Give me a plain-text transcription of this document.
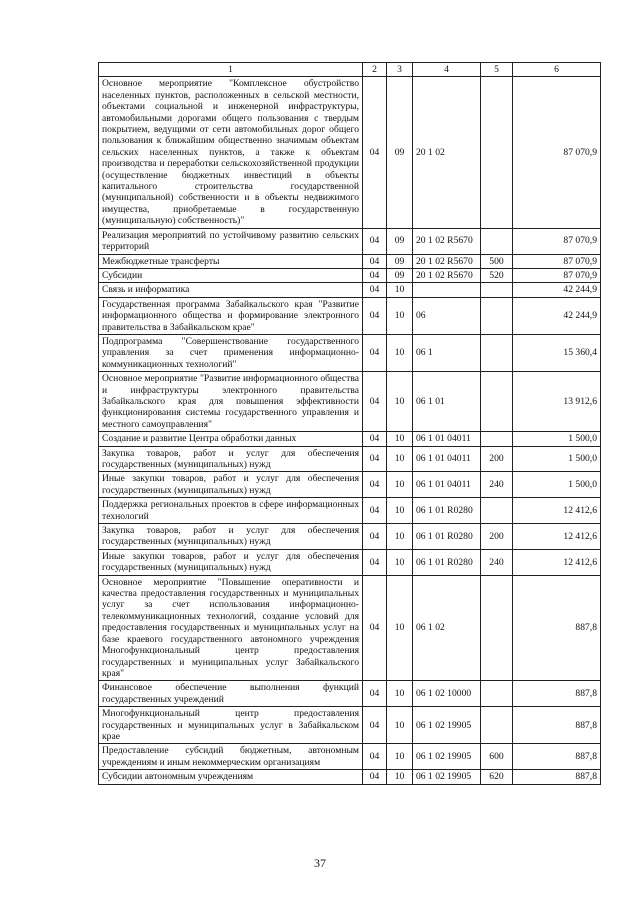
1	2	3	4	5	6
Основное мероприятие "Комплексное обустройство населенных пунктов, расположенных в сельской местности, объектами социальной и инженерной инфраструктуры, автомобильными дорогами общего пользования с твердым покрытием, ведущими от сети автомобильных дорог общего пользования к ближайшим общественно значимым объектам сельских населенных пунктов, а также к объектам производства и переработки сельскохозяйственной продукции (осуществление бюджетных инвестиций в объекты капитального строительства государственной (муниципальной) собственности и в объекты недвижимого имущества, приобретаемые в государственную (муниципальную) собственность)"	04	09	20 1 02		87 070,9
Реализация мероприятий по устойчивому развитию сельских территорий	04	09	20 1 02 R5670		87 070,9
Межбюджетные трансферты	04	09	20 1 02 R5670	500	87 070,9
Субсидии	04	09	20 1 02 R5670	520	87 070,9
Связь и информатика	04	10			42 244,9
Государственная программа Забайкальского края "Развитие информационного общества и формирование электронного правительства в Забайкальском крае"	04	10	06		42 244,9
Подпрограмма "Совершенствование государственного управления за счет применения информационно-коммуникационных технологий"	04	10	06 1		15 360,4
Основное мероприятие "Развитие информационного общества и инфраструктуры электронного правительства Забайкальского края для повышения эффективности функционирования системы государственного управления и местного самоуправления"	04	10	06 1 01		13 912,6
Создание и развитие Центра обработки данных	04	10	06 1 01 04011		1 500,0
Закупка товаров, работ и услуг для обеспечения государственных (муниципальных) нужд	04	10	06 1 01 04011	200	1 500,0
Иные закупки товаров, работ и услуг для обеспечения государственных (муниципальных) нужд	04	10	06 1 01 04011	240	1 500,0
Поддержка региональных проектов в сфере информационных технологий	04	10	06 1 01 R0280		12 412,6
Закупка товаров, работ и услуг для обеспечения государственных (муниципальных) нужд	04	10	06 1 01 R0280	200	12 412,6
Иные закупки товаров, работ и услуг для обеспечения государственных (муниципальных) нужд	04	10	06 1 01 R0280	240	12 412,6
Основное мероприятие "Повышение оперативности и качества предоставления государственных и муниципальных услуг за счет использования информационно-телекоммуникационных технологий, создание условий для предоставления государственных и муниципальных услуг на базе краевого государственного автономного учреждения Многофункциональный центр предоставления государственных и муниципальных услуг Забайкальского края"	04	10	06 1 02		887,8
Финансовое обеспечение выполнения функций государственных учреждений	04	10	06 1 02 10000		887,8
Многофункциональный центр предоставления государственных и муниципальных услуг в Забайкальском крае	04	10	06 1 02 19905		887,8
Предоставление субсидий бюджетным, автономным учреждениям и иным некоммерческим организациям	04	10	06 1 02 19905	600	887,8
Субсидии автономным учреждениям	04	10	06 1 02 19905	620	887,8
37
